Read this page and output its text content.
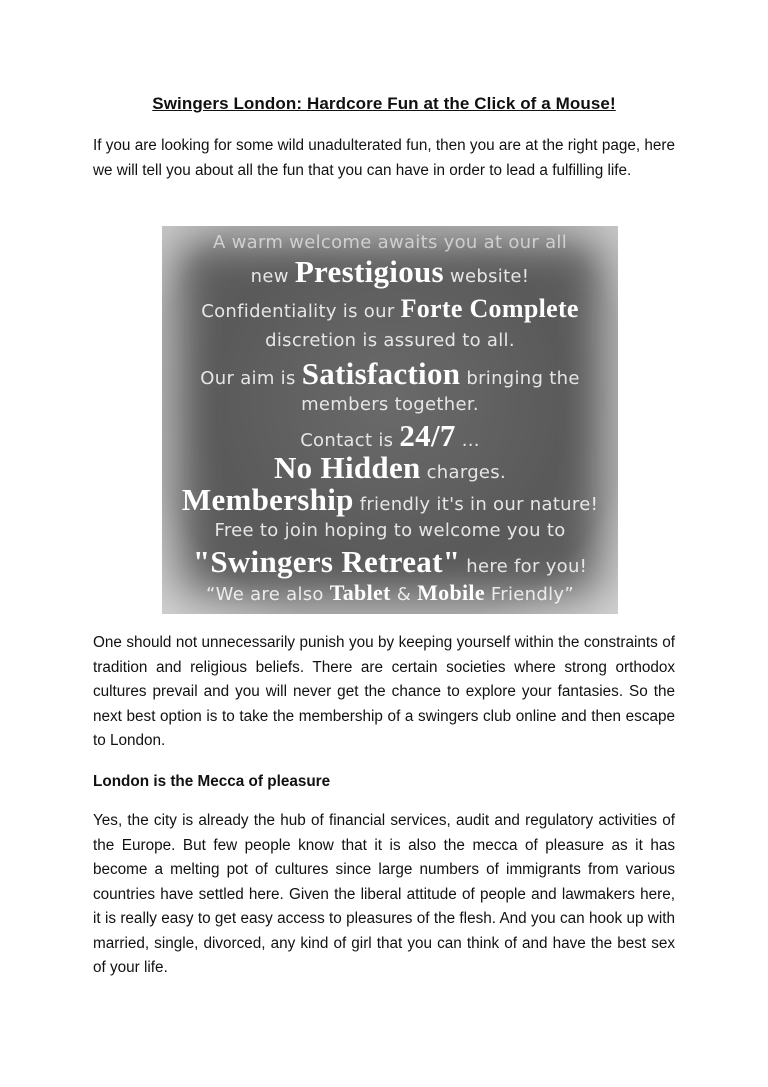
Swingers London: Hardcore Fun at the Click of a Mouse!

If you are looking for some wild unadulterated fun, then you are at the right page, here we will tell you about all the fun that you can have in order to lead a fulfilling life.

A warm welcome awaits you at our all
new Prestigious website!
Confidentiality is our Forte Complete
discretion is assured to all.
Our aim is Satisfaction bringing the
members together.
Contact is 24/7 ...
No Hidden charges.
Membership friendly it's in our nature!
Free to join hoping to welcome you to
"Swingers Retreat" here for you!
“We are also Tablet & Mobile Friendly”

One should not unnecessarily punish you by keeping yourself within the constraints of tradition and religious beliefs. There are certain societies where strong orthodox cultures prevail and you will never get the chance to explore your fantasies. So the next best option is to take the membership of a swingers club online and then escape to London.

London is the Mecca of pleasure

Yes, the city is already the hub of financial services, audit and regulatory activities of the Europe. But few people know that it is also the mecca of pleasure as it has become a melting pot of cultures since large numbers of immigrants from various countries have settled here. Given the liberal attitude of people and lawmakers here, it is really easy to get easy access to pleasures of the flesh. And you can hook up with married, single, divorced, any kind of girl that you can think of and have the best sex of your life.
